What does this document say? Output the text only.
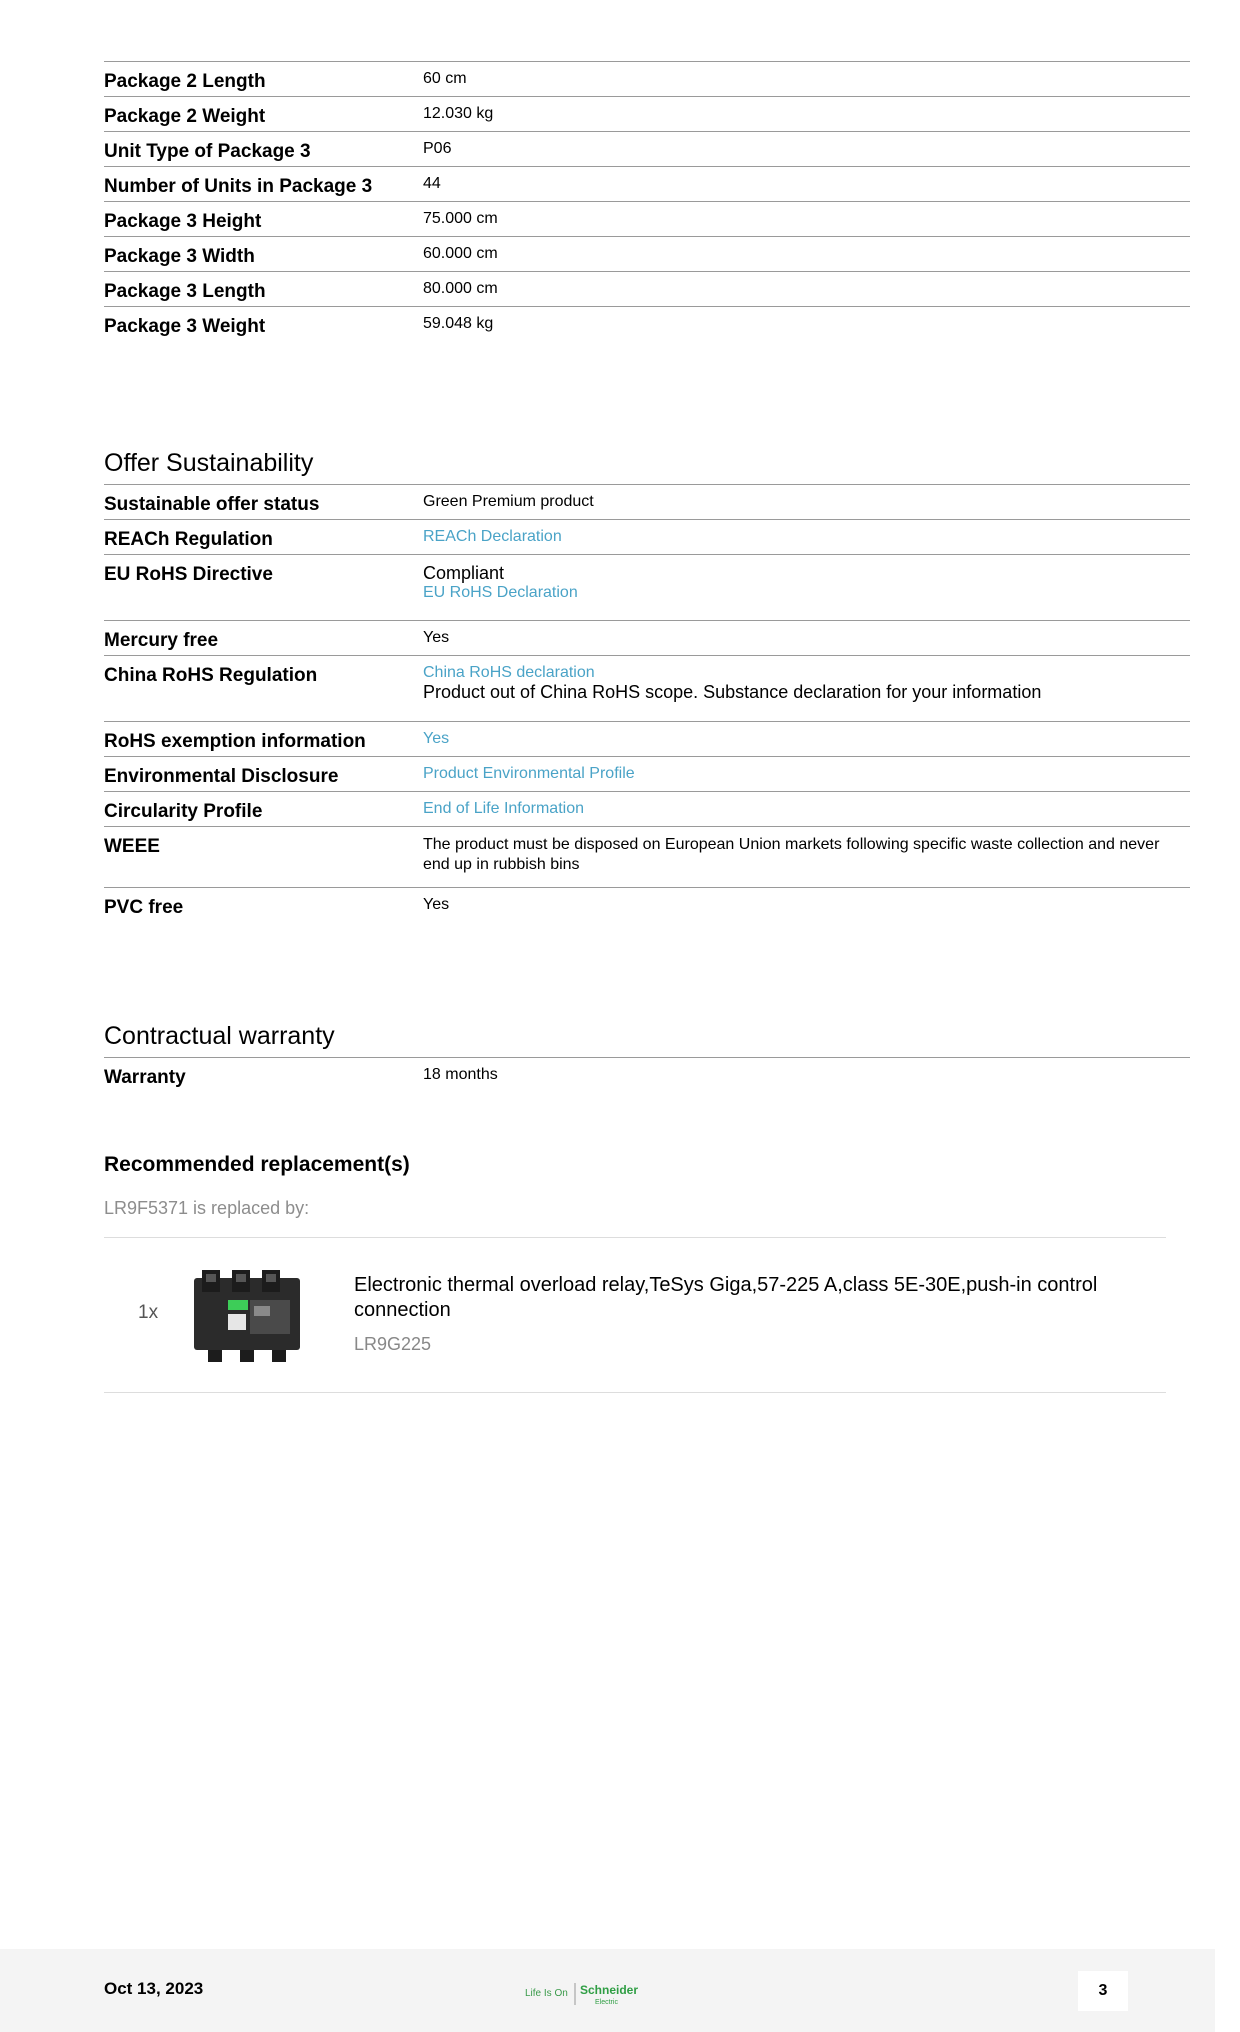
Package 2 Length	60 cm
Package 2 Weight	12.030 kg
Unit Type of Package 3	P06
Number of Units in Package 3	44
Package 3 Height	75.000 cm
Package 3 Width	60.000 cm
Package 3 Length	80.000 cm
Package 3 Weight	59.048 kg
Offer Sustainability
Sustainable offer status	Green Premium product
REACh Regulation	REACh Declaration

EU RoHS Directive	Compliant
EU RoHS Declaration

Mercury free	Yes
China RoHS Regulation	China RoHS declaration
Product out of China RoHS scope. Substance declaration for your information

RoHS exemption information	Yes

Environmental Disclosure	Product Environmental Profile

Circularity Profile	End of Life Information

WEEE	The product must be disposed on European Union markets following specific waste collection and never end up in rubbish bins

PVC free	Yes
Contractual warranty
Warranty	18 months
Recommended replacement(s)
LR9F5371 is replaced by:
1x
Electronic thermal overload relay,TeSys Giga,57-225 A,class 5E-30E,push-in control connection
LR9G225
Oct 13, 2023	Life Is On Schneider
Electric
3
